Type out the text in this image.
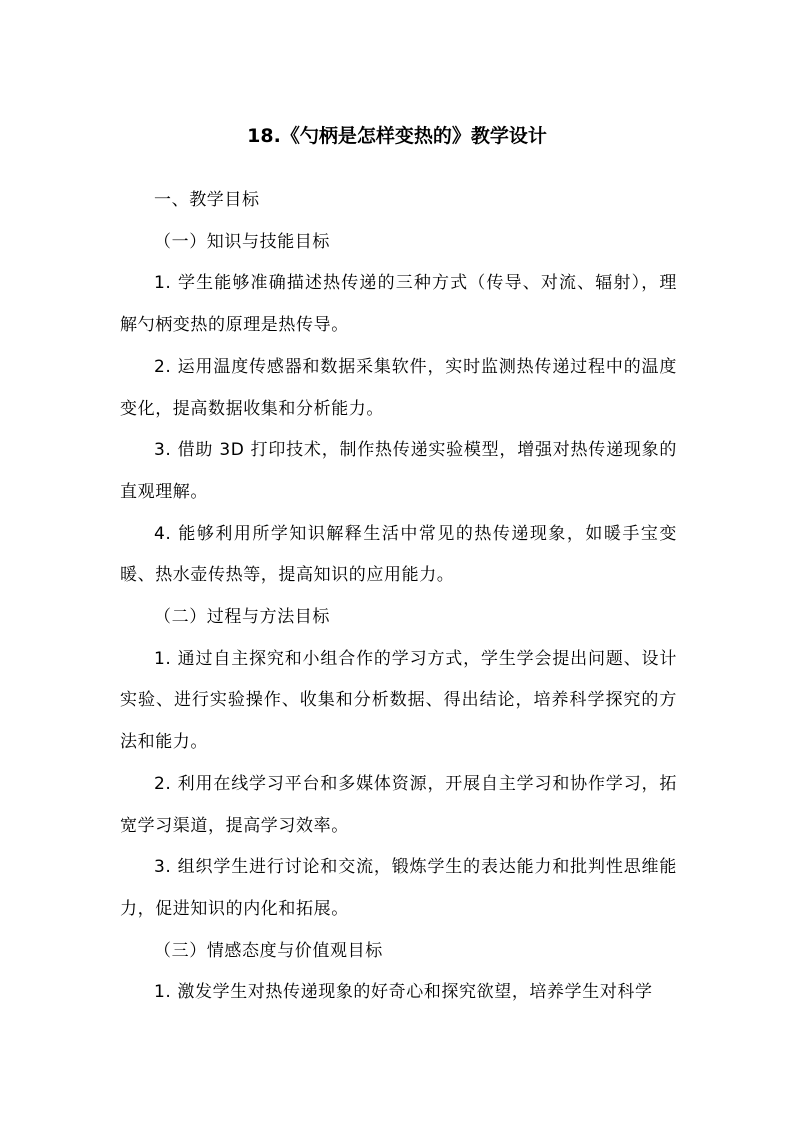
18.《勺柄是怎样变热的》教学设计

一、教学目标

（一）知识与技能目标

1. 学生能够准确描述热传递的三种方式（传导、对流、辐射），理解勺柄变热的原理是热传导。

2. 运用温度传感器和数据采集软件，实时监测热传递过程中的温度变化，提高数据收集和分析能力。

3. 借助 3D 打印技术，制作热传递实验模型，增强对热传递现象的直观理解。

4. 能够利用所学知识解释生活中常见的热传递现象，如暖手宝变暖、热水壶传热等，提高知识的应用能力。

（二）过程与方法目标

1. 通过自主探究和小组合作的学习方式，学生学会提出问题、设计实验、进行实验操作、收集和分析数据、得出结论，培养科学探究的方法和能力。

2. 利用在线学习平台和多媒体资源，开展自主学习和协作学习，拓宽学习渠道，提高学习效率。

3. 组织学生进行讨论和交流，锻炼学生的表达能力和批判性思维能力，促进知识的内化和拓展。

（三）情感态度与价值观目标

1. 激发学生对热传递现象的好奇心和探究欲望，培养学生对科学
